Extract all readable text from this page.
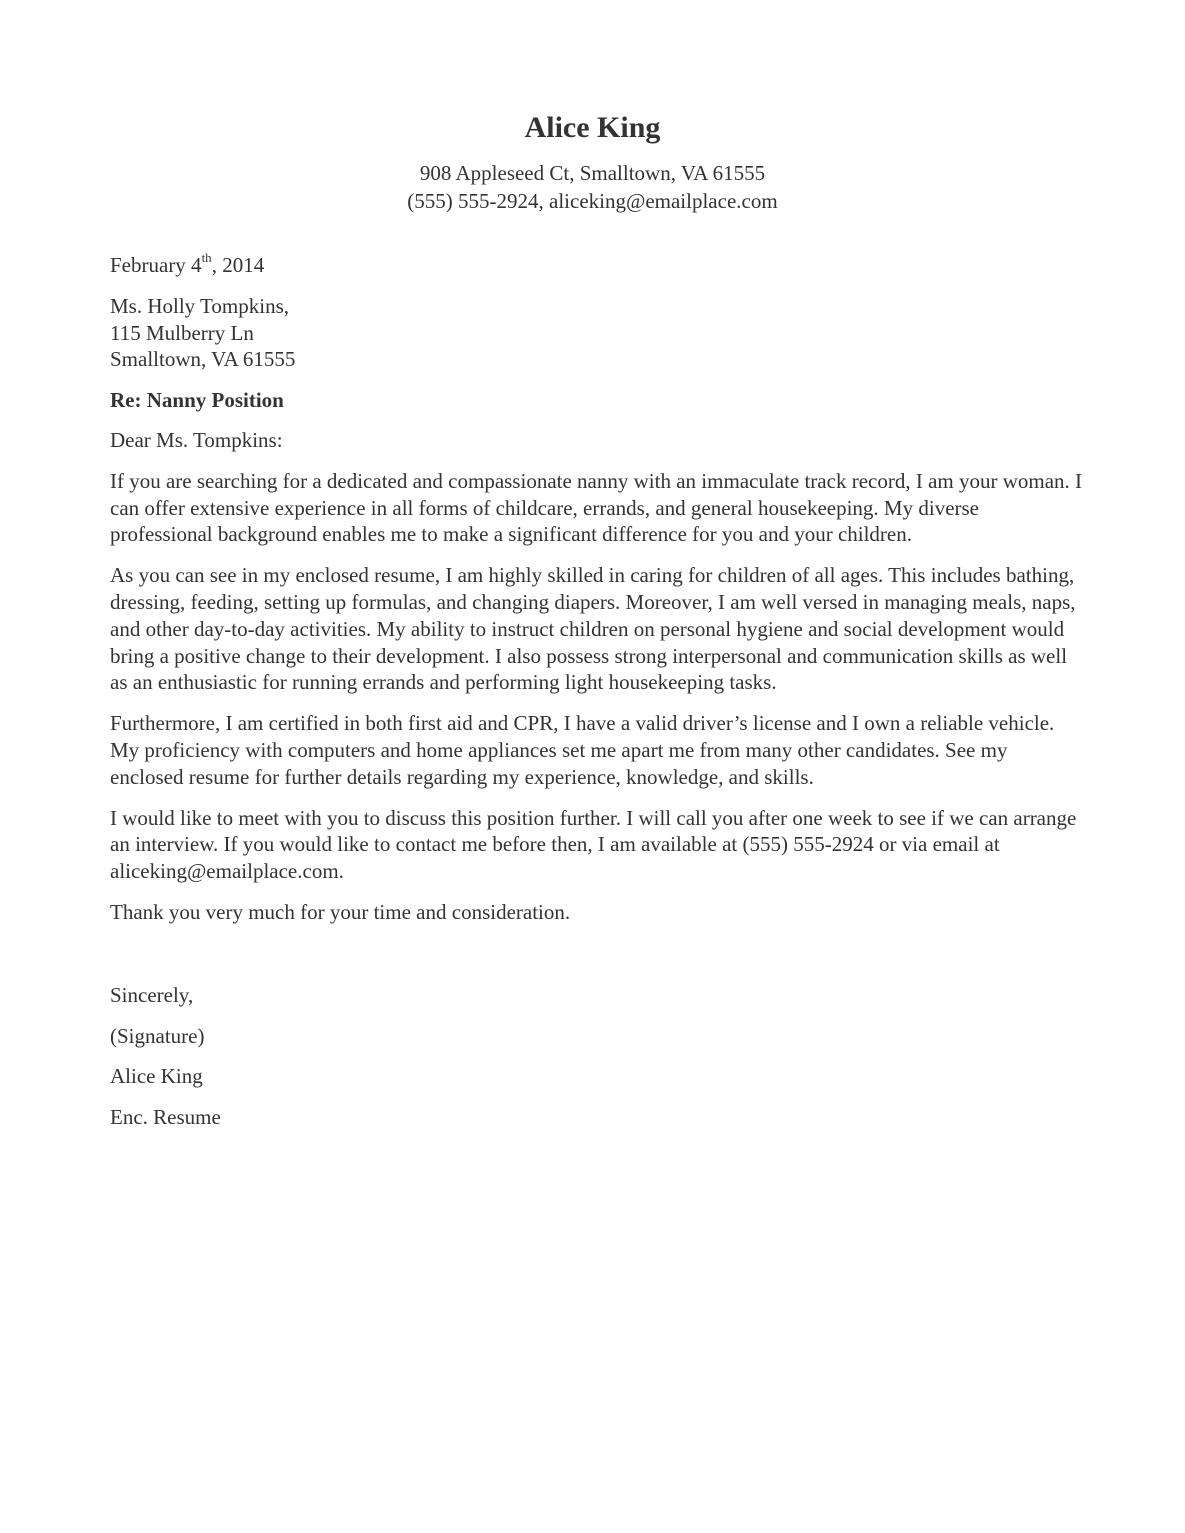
Alice King
908 Appleseed Ct, Smalltown, VA 61555
(555) 555-2924, aliceking@emailplace.com
February 4th, 2014
Ms. Holly Tompkins,
115 Mulberry Ln
Smalltown, VA 61555
Re: Nanny Position
Dear Ms. Tompkins:

If you are searching for a dedicated and compassionate nanny with an immaculate track record, I am your woman. I can offer extensive experience in all forms of childcare, errands, and general housekeeping. My diverse professional background enables me to make a significant difference for you and your children.

As you can see in my enclosed resume, I am highly skilled in caring for children of all ages. This includes bathing, dressing, feeding, setting up formulas, and changing diapers. Moreover, I am well versed in managing meals, naps, and other day-to-day activities. My ability to instruct children on personal hygiene and social development would bring a positive change to their development. I also possess strong interpersonal and communication skills as well as an enthusiastic for running errands and performing light housekeeping tasks.

Furthermore, I am certified in both first aid and CPR, I have a valid driver’s license and I own a reliable vehicle. My proficiency with computers and home appliances set me apart me from many other candidates. See my enclosed resume for further details regarding my experience, knowledge, and skills.

I would like to meet with you to discuss this position further. I will call you after one week to see if we can arrange an interview. If you would like to contact me before then, I am available at (555) 555-2924 or via email at aliceking@emailplace.com.

Thank you very much for your time and consideration.

Sincerely,
(Signature)
Alice King
Enc. Resume
